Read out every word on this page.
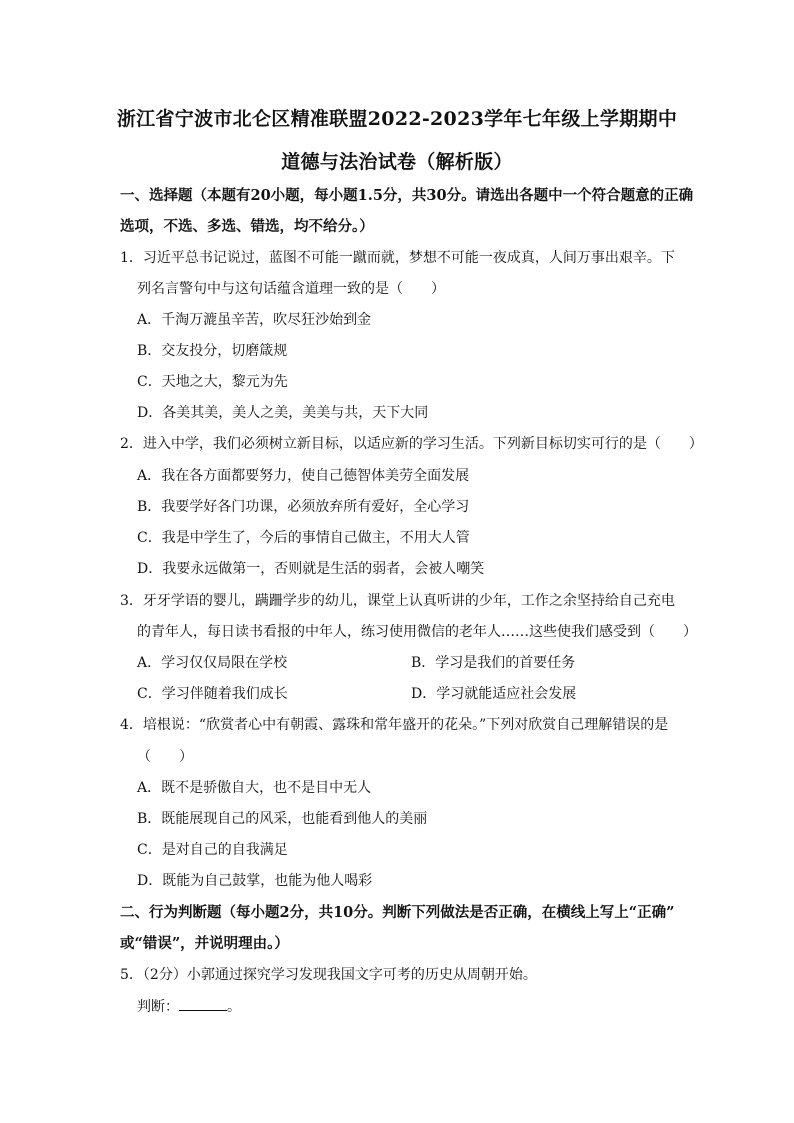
浙江省宁波市北仑区精准联盟2022-2023学年七年级上学期期中
道德与法治试卷（解析版）
一、选择题（本题有20小题，每小题1.5分，共30分。请选出各题中一个符合题意的正确
选项，不选、多选、错选，均不给分。）
1．习近平总书记说过，蓝图不可能一蹴而就，梦想不可能一夜成真，人间万事出艰辛。下
列名言警句中与这句话蕴含道理一致的是（　　）
A．千淘万漉虽辛苦，吹尽狂沙始到金
B．交友投分，切磨箴规
C．天地之大，黎元为先
D．各美其美，美人之美，美美与共，天下大同
2．进入中学，我们必须树立新目标，以适应新的学习生活。下列新目标切实可行的是（　　）
A．我在各方面都要努力，使自己德智体美劳全面发展
B．我要学好各门功课，必须放弃所有爱好，全心学习
C．我是中学生了，今后的事情自己做主，不用大人管
D．我要永远做第一，否则就是生活的弱者，会被人嘲笑
3．牙牙学语的婴儿，蹒跚学步的幼儿，课堂上认真听讲的少年，工作之余坚持给自己充电
的青年人，每日读书看报的中年人，练习使用微信的老年人……这些使我们感受到（　　）
A．学习仅仅局限在学校	B．学习是我们的首要任务
C．学习伴随着我们成长	D．学习就能适应社会发展
4．培根说：“欣赏者心中有朝霞、露珠和常年盛开的花朵。”下列对欣赏自己理解错误的是
（　　）
A．既不是骄傲自大，也不是目中无人
B．既能展现自己的风采，也能看到他人的美丽
C．是对自己的自我满足
D．既能为自己鼓掌，也能为他人喝彩
二、行为判断题（每小题2分，共10分。判断下列做法是否正确，在横线上写上“正确”
或“错误”，并说明理由。）
5．（2分）小郭通过探究学习发现我国文字可考的历史从周朝开始。
判断：	。
